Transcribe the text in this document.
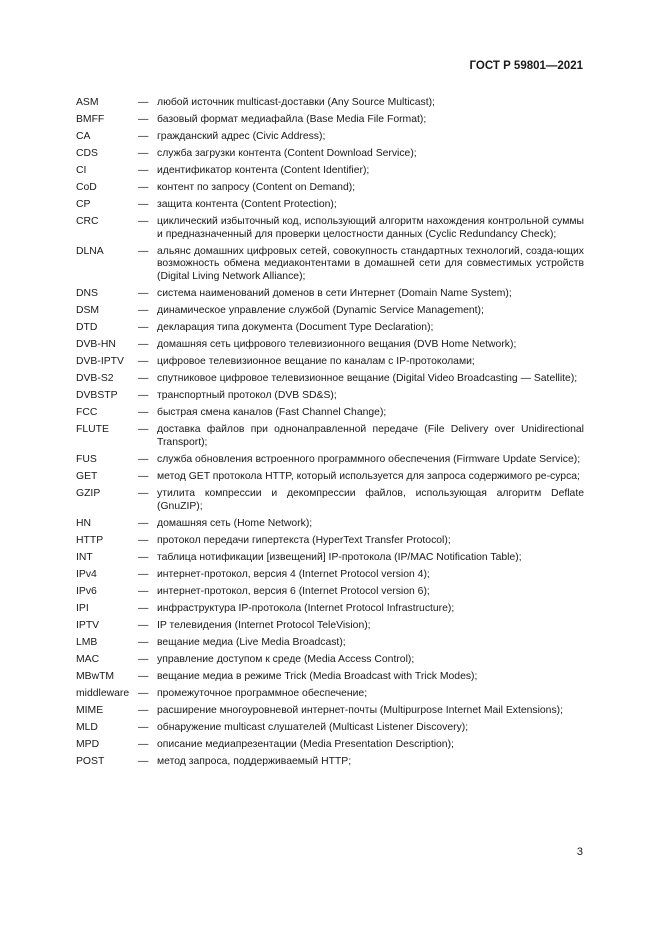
ГОСТ Р 59801—2021
ASM	— любой источник multicast-доставки (Any Source Multicast);
BMFF	— базовый формат медиафайла (Base Media File Format);
CA	— гражданский адрес (Civic Address);
CDS	— служба загрузки контента (Content Download Service);
CI	— идентификатор контента (Content Identifier);
CoD	— контент по запросу (Content on Demand);
CP	— защита контента (Content Protection);
CRC	— циклический избыточный код, использующий алгоритм нахождения контрольной суммы и предназначенный для проверки целостности данных (Cyclic Redundancy Check);
DLNA	— альянс домашних цифровых сетей, совокупность стандартных технологий, созда-ющих возможность обмена медиаконтентами в домашней сети для совместимых устройств (Digital Living Network Alliance);
DNS	— система наименований доменов в сети Интернет (Domain Name System);
DSM	— динамическое управление службой (Dynamic Service Management);
DTD	— декларация типа документа (Document Type Declaration);
DVB-HN	— домашняя сеть цифрового телевизионного вещания (DVB Home Network);
DVB-IPTV	— цифровое телевизионное вещание по каналам с IP-протоколами;
DVB-S2	— спутниковое цифровое телевизионное вещание (Digital Video Broadcasting — Satellite);
DVBSTP	— транспортный протокол (DVB SD&S);
FCC	— быстрая смена каналов (Fast Channel Change);
FLUTE	— доставка файлов при однонаправленной передаче (File Delivery over Unidirectional Transport);
FUS	— служба обновления встроенного программного обеспечения (Firmware Update Service);
GET	— метод GET протокола HTTP, который используется для запроса содержимого ре-сурса;
GZIP	— утилита компрессии и декомпрессии файлов, использующая алгоритм Deflate (GnuZIP);
HN	— домашняя сеть (Home Network);
HTTP	— протокол передачи гипертекста (HyperText Transfer Protocol);
INT	— таблица нотификации [извещений] IP-протокола (IP/MAC Notification Table);
IPv4	— интернет-протокол, версия 4 (Internet Protocol version 4);
IPv6	— интернет-протокол, версия 6 (Internet Protocol version 6);
IPI	— инфраструктура IP-протокола (Internet Protocol Infrastructure);
IPTV	— IP телевидения (Internet Protocol TeleVision);
LMB	— вещание медиа (Live Media Broadcast);
MAC	— управление доступом к среде (Media Access Control);
MBwTM	— вещание медиа в режиме Trick (Media Broadcast with Trick Modes);
middleware — промежуточное программное обеспечение;
MIME	— расширение многоуровневой интернет-почты (Multipurpose Internet Mail Extensions);
MLD	— обнаружение multicast слушателей (Multicast Listener Discovery);
MPD	— описание медиапрезентации (Media Presentation Description);
POST	— метод запроса, поддерживаемый HTTP;
3
